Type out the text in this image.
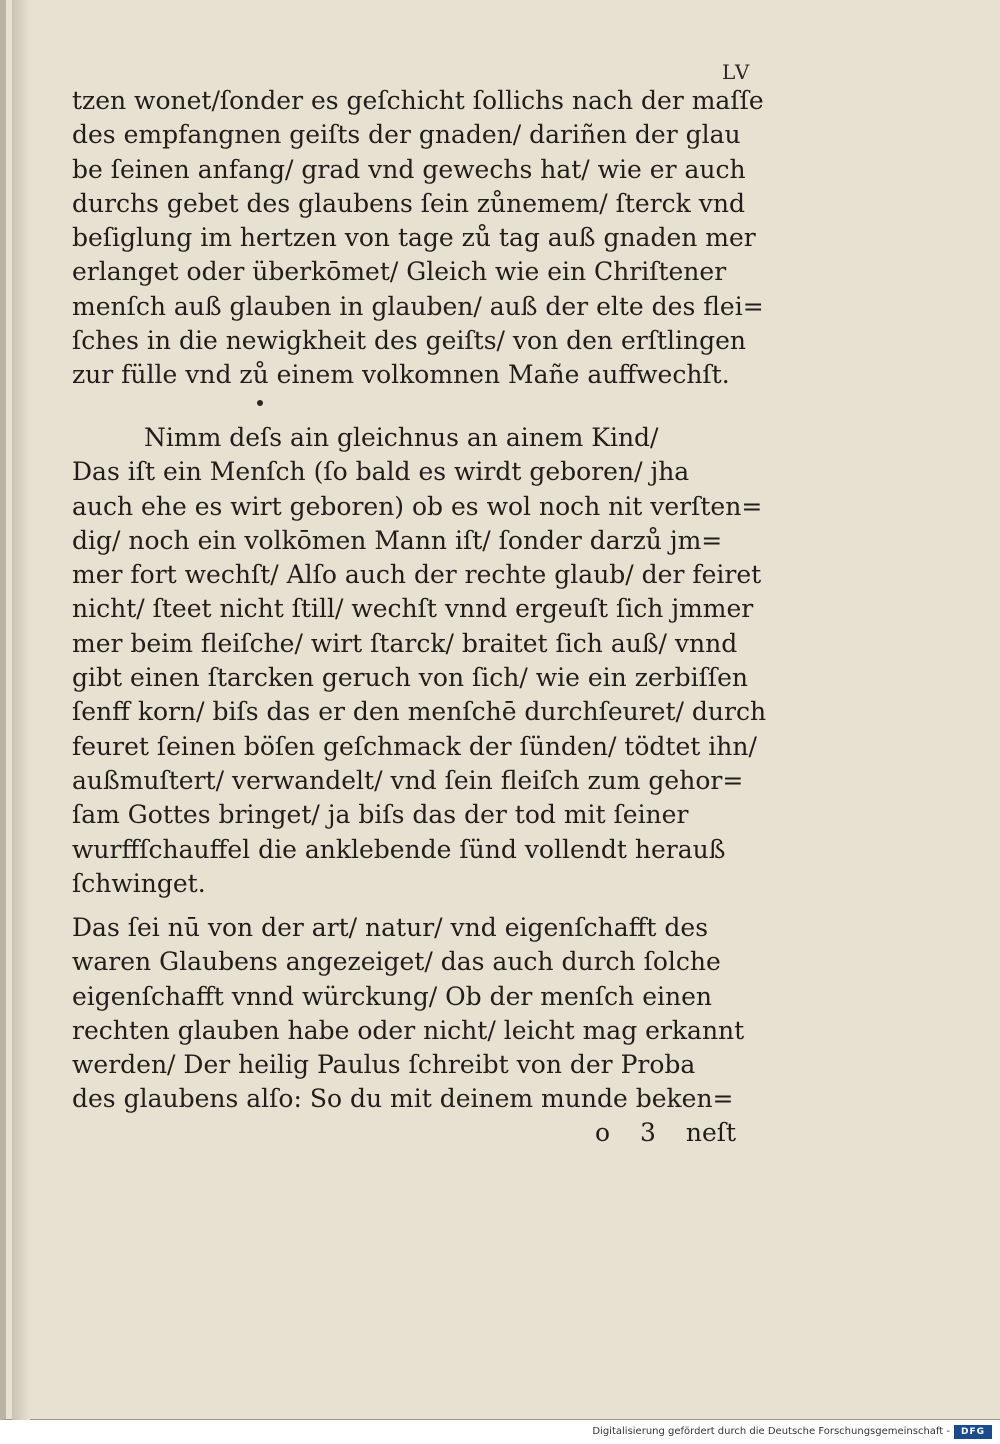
LV
tzen wonet/ſonder es geſchicht ſollichs nach der maſſe
des empfangnen geiſts der gnaden/ dariñen der glau
be ſeinen anfang/ grad vnd gewechs hat/ wie er auch
durchs gebet des glaubens ſein zůnemem/ ſterck vnd
beſiglung im hertzen von tage zů tag auß gnaden mer
erlanget oder überkōmet/ Gleich wie ein Chriſtener
menſch auß glauben in glauben/ auß der elte des flei=
ſches in die newigkheit des geiſts/ von den erſtlingen
zur fülle vnd zů einem volkomnen Mañe auffwechſt.
Nimm deſs ain gleichnus an ainem Kind/
Das iſt ein Menſch (ſo bald es wirdt geboren/ jha
auch ehe es wirt geboren) ob es wol noch nit verſten=
dig/ noch ein volkōmen Mann iſt/ ſonder darzů jm=
mer fort wechſt/ Alſo auch der rechte glaub/ der feiret
nicht/ ſteet nicht ſtill/ wechſt vnnd ergeuſt ſich jmmer
mer beim fleiſche/ wirt ſtarck/ braitet ſich auß/ vnnd
gibt einen ſtarcken geruch von ſich/ wie ein zerbiſſen
ſenff korn/ biſs das er den menſchē durchſeuret/ durch
feuret ſeinen böſen geſchmack der ſünden/ tödtet ihn/
außmuſtert/ verwandelt/ vnd ſein fleiſch zum gehor=
ſam Gottes bringet/ ja biſs das der tod mit ſeiner
wurffſchauffel die anklebende ſünd vollendt herauß
ſchwinget.
Das ſei nū von der art/ natur/ vnd eigenſchafft des
waren Glaubens angezeiget/ das auch durch ſolche
eigenſchafft vnnd würckung/ Ob der menſch einen
rechten glauben habe oder nicht/ leicht mag erkannt
werden/ Der heilig Paulus ſchreibt von der Proba
des glaubens alſo: So du mit deinem munde beken=
o 3 neſt
Digitalisierung gefördert durch die Deutsche Forschungsgemeinschaft -	DFG
